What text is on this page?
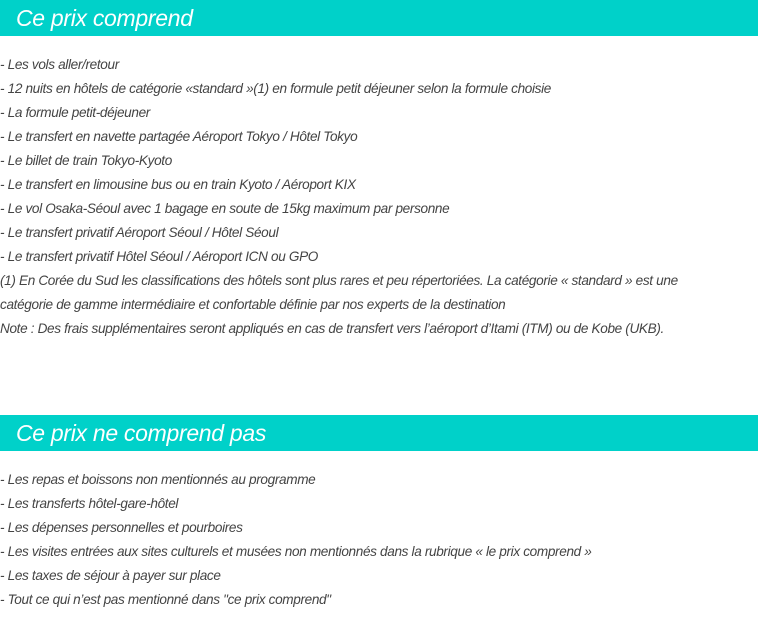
Ce prix comprend
- Les vols aller/retour
- 12 nuits en hôtels de catégorie «standard »(1) en formule petit déjeuner selon la formule choisie
- La formule petit-déjeuner
- Le transfert en navette partagée Aéroport Tokyo / Hôtel Tokyo
- Le billet de train Tokyo-Kyoto
- Le transfert en limousine bus ou en train Kyoto / Aéroport KIX
- Le vol Osaka-Séoul avec 1 bagage en soute de 15kg maximum par personne
- Le transfert privatif Aéroport Séoul / Hôtel Séoul
- Le transfert privatif Hôtel Séoul / Aéroport ICN ou GPO
(1) En Corée du Sud les classifications des hôtels sont plus rares et peu répertoriées. La catégorie « standard » est une
catégorie de gamme intermédiaire et confortable définie par nos experts de la destination
Note : Des frais supplémentaires seront appliqués en cas de transfert vers l’aéroport d’Itami (ITM) ou de Kobe (UKB).
Ce prix ne comprend pas
- Les repas et boissons non mentionnés au programme
- Les transferts hôtel-gare-hôtel
- Les dépenses personnelles et pourboires
- Les visites entrées aux sites culturels et musées non mentionnés dans la rubrique « le prix comprend »
- Les taxes de séjour à payer sur place
- Tout ce qui n’est pas mentionné dans "ce prix comprend"
